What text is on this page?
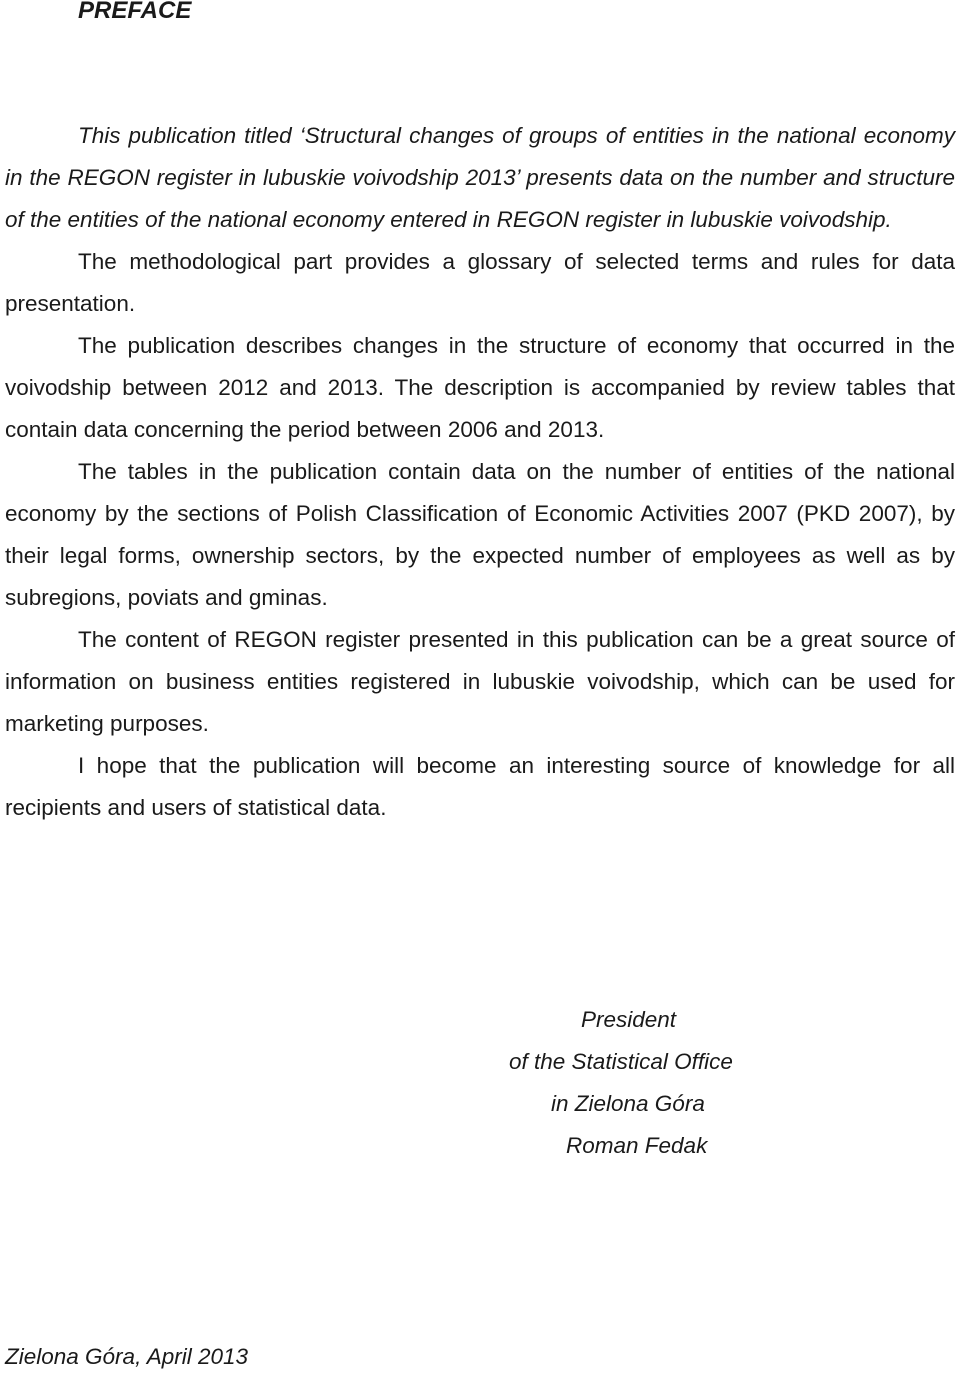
PREFACE

This publication titled ‘Structural changes of groups of entities in the national economy in the REGON register in lubuskie voivodship 2013’ presents data on the number and structure of the entities of the national economy entered in REGON register in lubuskie voivodship.

The methodological part provides a glossary of selected terms and rules for data presentation.

The publication describes changes in the structure of economy that occurred in the voivodship between 2012 and 2013. The description is accompanied by review tables that contain data concerning the period between 2006 and 2013.

The tables in the publication contain data on the number of entities of the national economy by the sections of Polish Classification of Economic Activities 2007 (PKD 2007), by their legal forms, ownership sectors, by the expected number of employees as well as by subregions, poviats and gminas.

The content of REGON register presented in this publication can be a great source of information on business entities registered in lubuskie voivodship, which can be used for marketing purposes.

I hope that the publication will become an interesting source of knowledge for all recipients and users of statistical data.

President
of the Statistical Office
in Zielona Góra
Roman Fedak
Zielona Góra, April 2013
